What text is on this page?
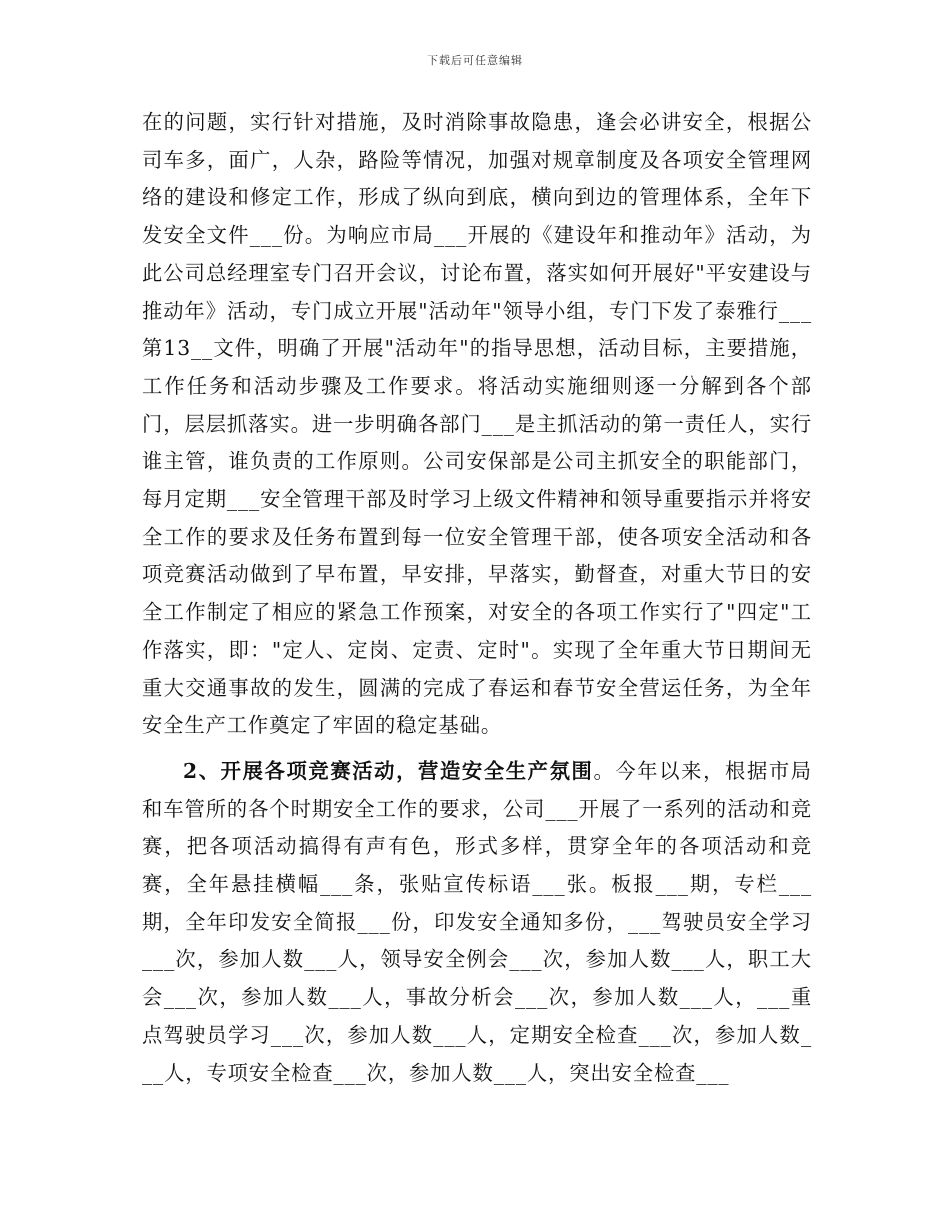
下载后可任意编辑

在的问题，实行针对措施，及时消除事故隐患，逢会必讲安全，根据公司车多，面广，人杂，路险等情况，加强对规章制度及各项安全管理网络的建设和修定工作，形成了纵向到底，横向到边的管理体系，全年下发安全文件___份。为响应市局___开展的《建设年和推动年》活动，为此公司总经理室专门召开会议，讨论布置，落实如何开展好"平安建设与推动年》活动，专门成立开展"活动年"领导小组，专门下发了泰雅行___第13__文件，明确了开展"活动年"的指导思想，活动目标，主要措施，工作任务和活动步骤及工作要求。将活动实施细则逐一分解到各个部门，层层抓落实。进一步明确各部门___是主抓活动的第一责任人，实行谁主管，谁负责的工作原则。公司安保部是公司主抓安全的职能部门，每月定期___安全管理干部及时学习上级文件精神和领导重要指示并将安全工作的要求及任务布置到每一位安全管理干部，使各项安全活动和各项竞赛活动做到了早布置，早安排，早落实，勤督查，对重大节日的安全工作制定了相应的紧急工作预案，对安全的各项工作实行了"四定"工作落实，即："定人、定岗、定责、定时"。实现了全年重大节日期间无重大交通事故的发生，圆满的完成了春运和春节安全营运任务，为全年安全生产工作奠定了牢固的稳定基础。

2、开展各项竞赛活动，营造安全生产氛围。今年以来，根据市局和车管所的各个时期安全工作的要求，公司___开展了一系列的活动和竞赛，把各项活动搞得有声有色，形式多样，贯穿全年的各项活动和竞赛，全年悬挂横幅___条，张贴宣传标语___张。板报___期，专栏___期，全年印发安全简报___份，印发安全通知多份，___驾驶员安全学习___次，参加人数___人，领导安全例会___次，参加人数___人，职工大会___次，参加人数___人，事故分析会___次，参加人数___人，___重点驾驶员学习___次，参加人数___人，定期安全检查___次，参加人数___人，专项安全检查___次，参加人数___人，突出安全检查___
